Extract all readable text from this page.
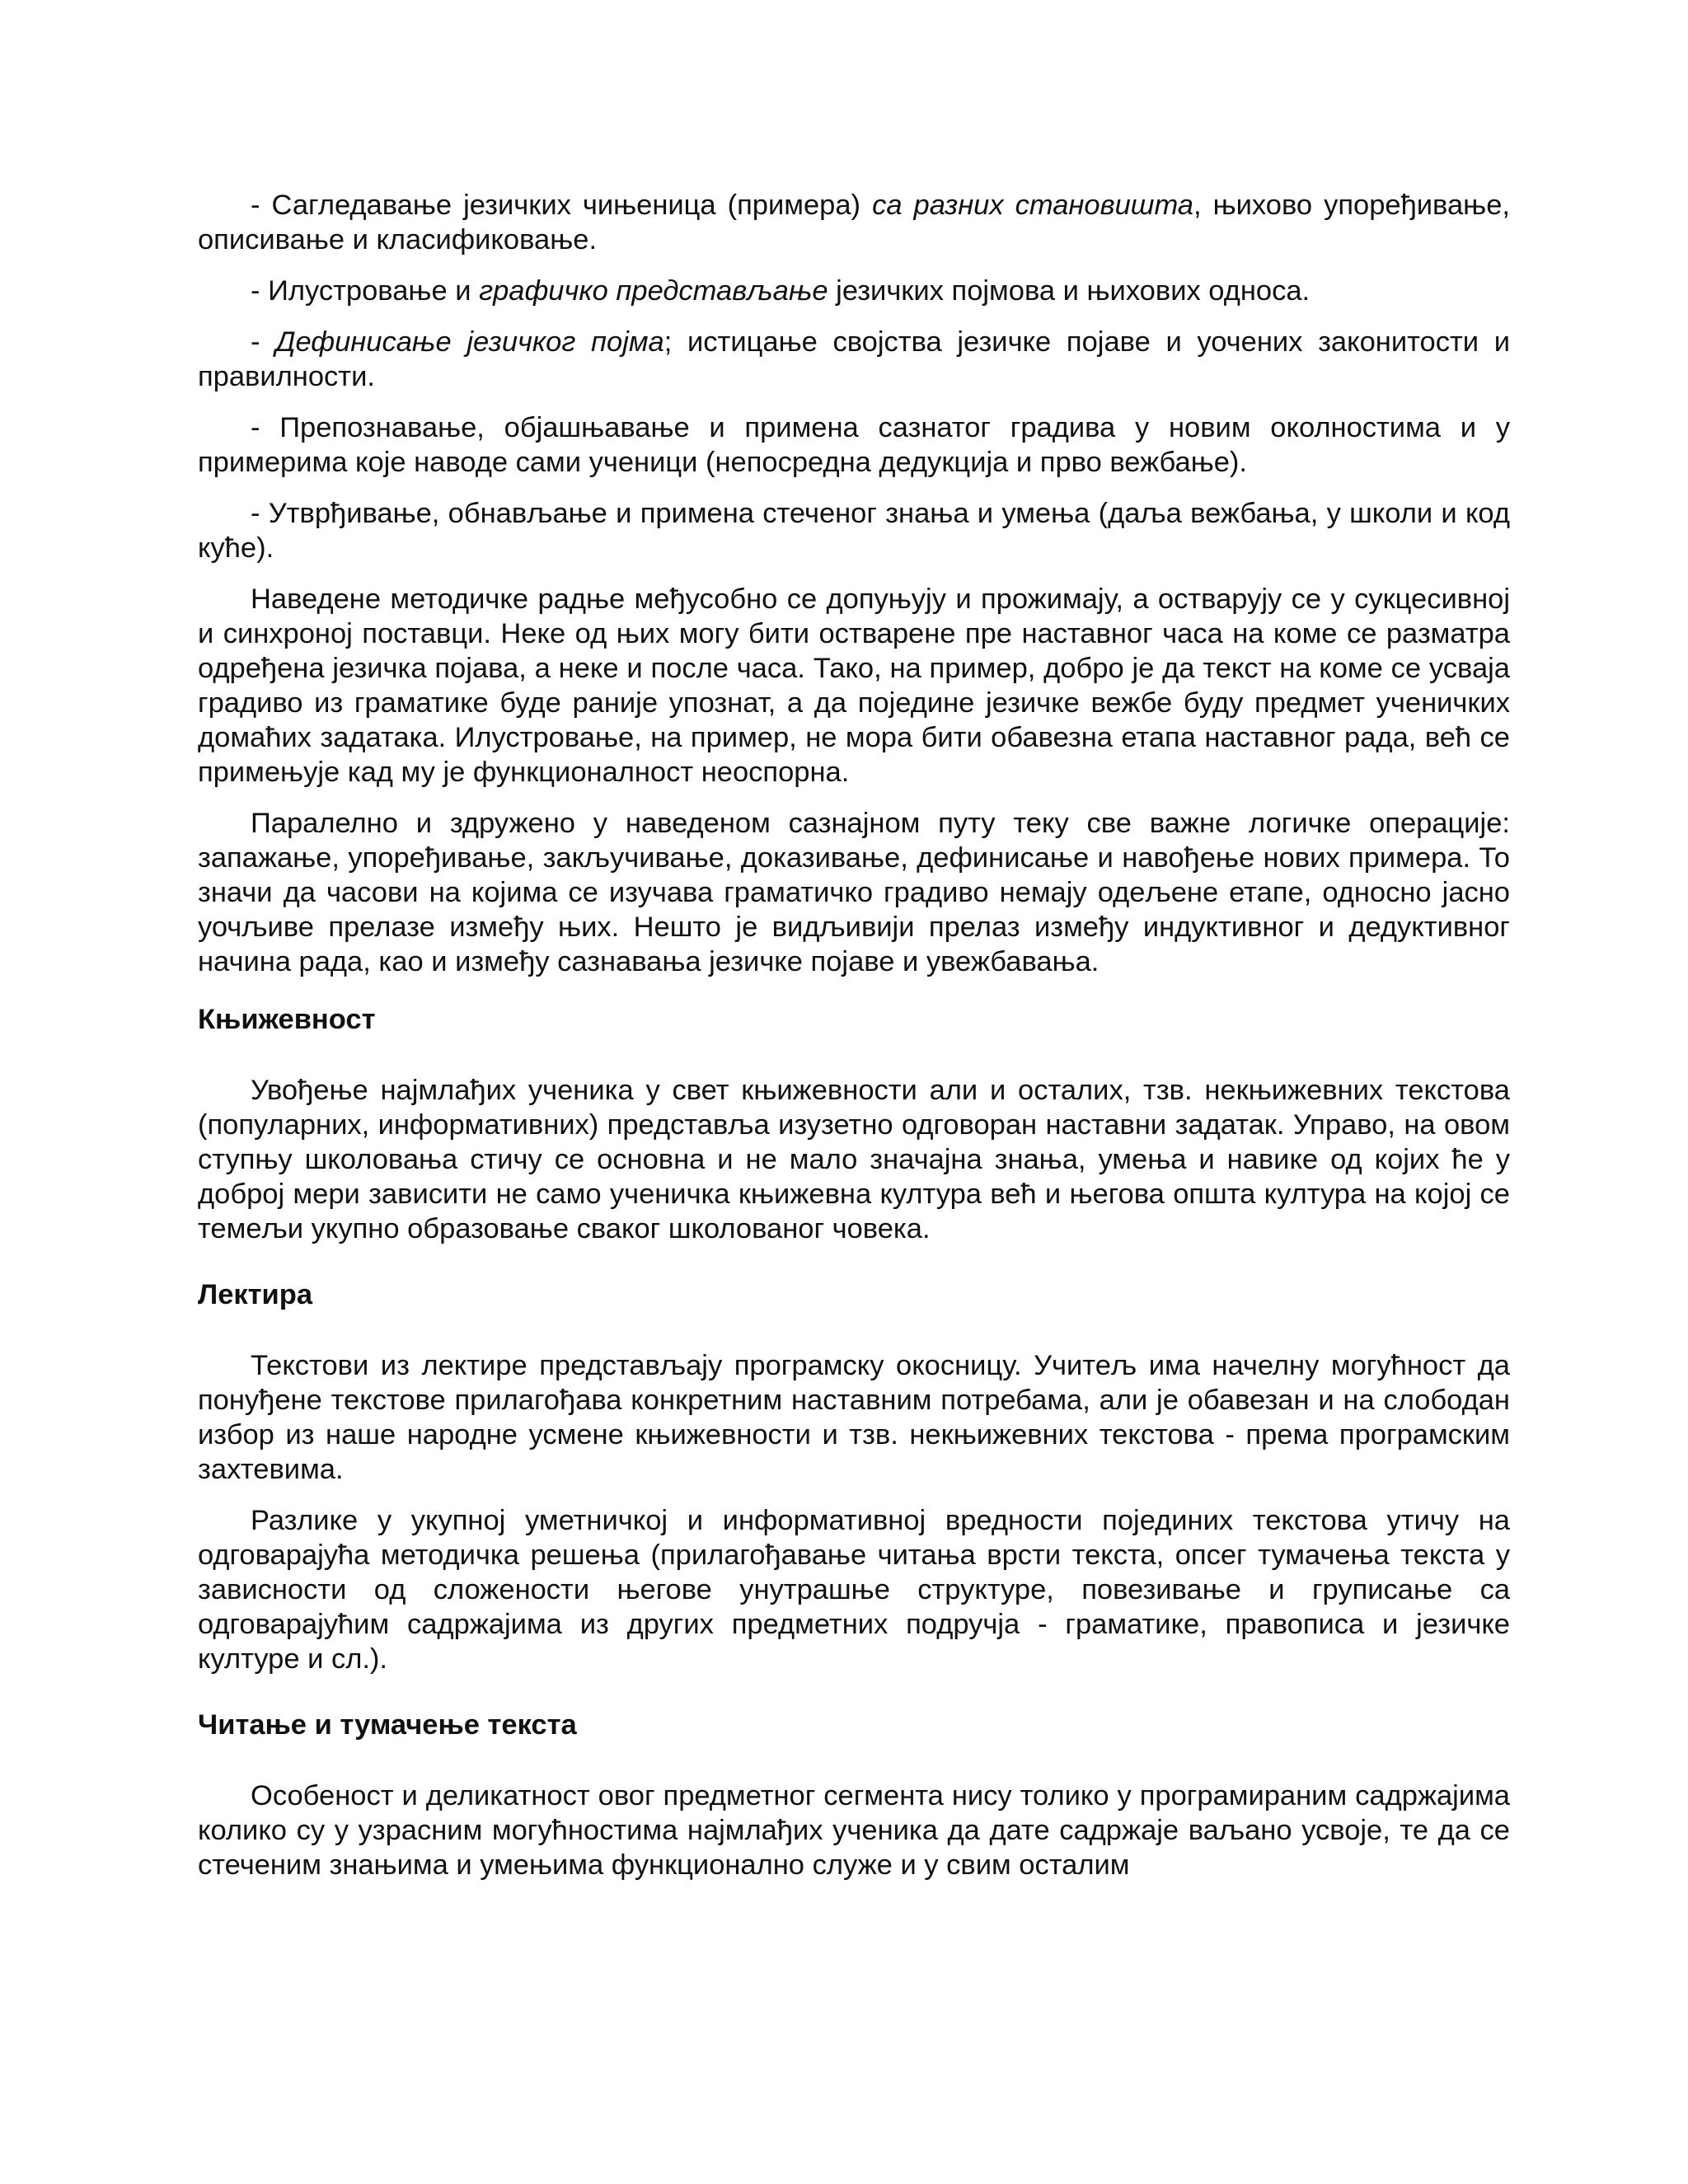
- Сагледавање језичких чињеница (примера) са разних становишта, њихово упоређивање, описивање и класификовање.

- Илустровање и графичко представљање језичких појмова и њихових односа.

- Дефинисање језичког појма; истицање својства језичке појаве и уочених законитости и правилности.

- Препознавање, објашњавање и примена сазнатог градива у новим околностима и у примерима које наводе сами ученици (непосредна дедукција и прво вежбање).

- Утврђивање, обнављање и примена стеченог знања и умења (даља вежбања, у школи и код куће).

Наведене методичке радње међусобно се допуњују и прожимају, а остварују се у сукцесивној и синхроној поставци. Неке од њих могу бити остварене пре наставног часа на коме се разматра одређена језичка појава, а неке и после часа. Тако, на пример, добро је да текст на коме се усваја градиво из граматике буде раније упознат, а да поједине језичке вежбе буду предмет ученичких домаћих задатака. Илустровање, на пример, не мора бити обавезна етапа наставног рада, већ се примењује кад му је функционалност неоспорна.

Паралелно и здружено у наведеном сазнајном путу теку све важне логичке операције: запажање, упоређивање, закључивање, доказивање, дефинисање и навођење нових примера. То значи да часови на којима се изучава граматичко градиво немају одељене етапе, односно јасно уочљиве прелазе између њих. Нешто је видљивији прелаз између индуктивног и дедуктивног начина рада, као и између сазнавања језичке појаве и увежбавања.

Књижевност

Увођење најмлађих ученика у свет књижевности али и осталих, тзв. некњижевних текстова (популарних, информативних) представља изузетно одговоран наставни задатак. Управо, на овом ступњу школовања стичу се основна и не мало значајна знања, умења и навике од којих ће у доброј мери зависити не само ученичка књижевна култура већ и његова општа култура на којој се темељи укупно образовање сваког школованог човека.

Лектира

Текстови из лектире представљају програмску окосницу. Учитељ има начелну могућност да понуђене текстове прилагођава конкретним наставним потребама, али је обавезан и на слободан избор из наше народне усмене књижевности и тзв. некњижевних текстова - према програмским захтевима.

Разлике у укупној уметничкој и информативној вредности појединих текстова утичу на одговарајућа методичка решења (прилагођавање читања врсти текста, опсег тумачења текста у зависности од сложености његове унутрашње структуре, повезивање и груписање са одговарајућим садржајима из других предметних подручја - граматике, правописа и језичке културе и сл.).

Читање и тумачење текста

Особеност и деликатност овог предметног сегмента нису толико у програмираним садржајима колико су у узрасним могућностима најмлађих ученика да дате садржаје ваљано усвоје, те да се стеченим знањима и умењима функционално служе и у свим осталим
